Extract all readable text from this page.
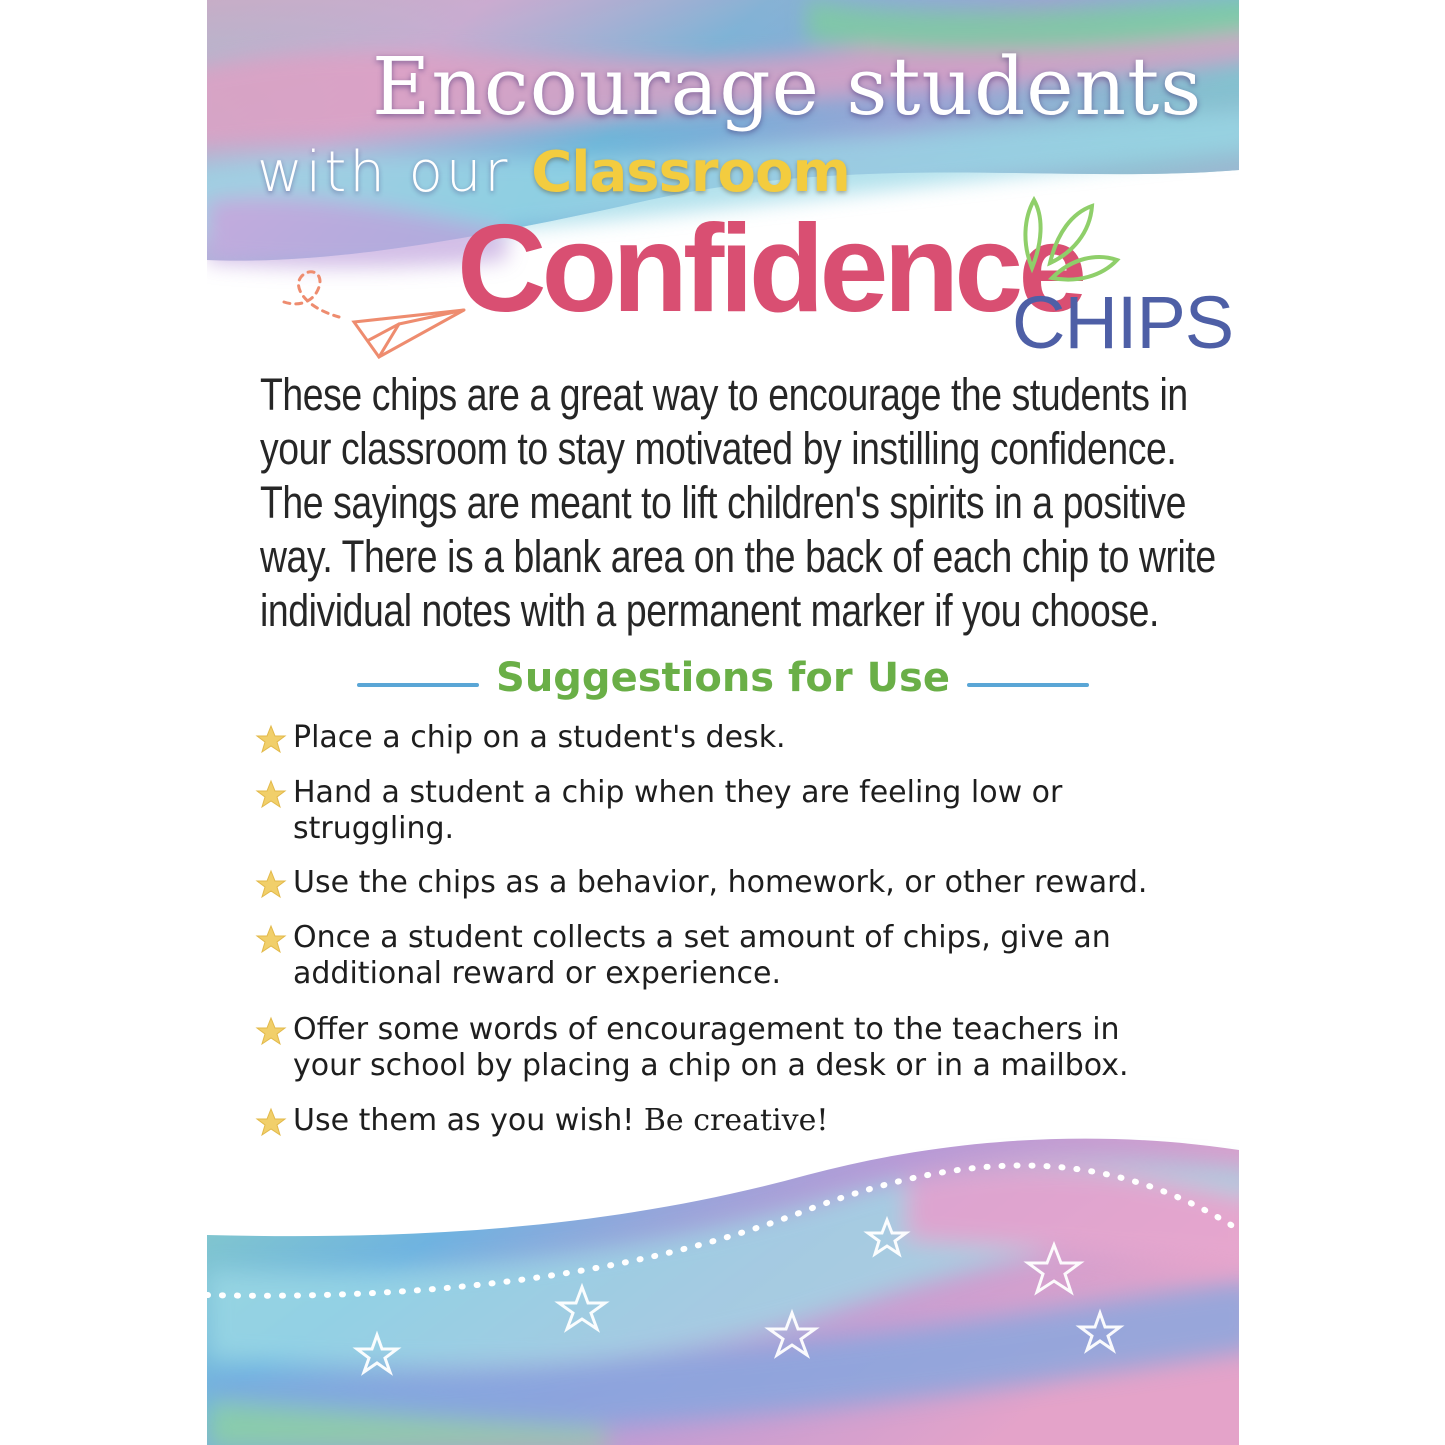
Encourage students
with our Classroom
Confidence
CHIPS
These chips are a great way to encourage the students in
your classroom to stay motivated by instilling confidence.
The sayings are meant to lift children's spirits in a positive
way. There is a blank area on the back of each chip to write
individual notes with a permanent marker if you choose.
Suggestions for Use
Place a chip on a student's desk.
Hand a student a chip when they are feeling low or
struggling.
Use the chips as a behavior, homework, or other reward.
Once a student collects a set amount of chips, give an
additional reward or experience.
Offer some words of encouragement to the teachers in
your school by placing a chip on a desk or in a mailbox.
Use them as you wish! Be creative!
